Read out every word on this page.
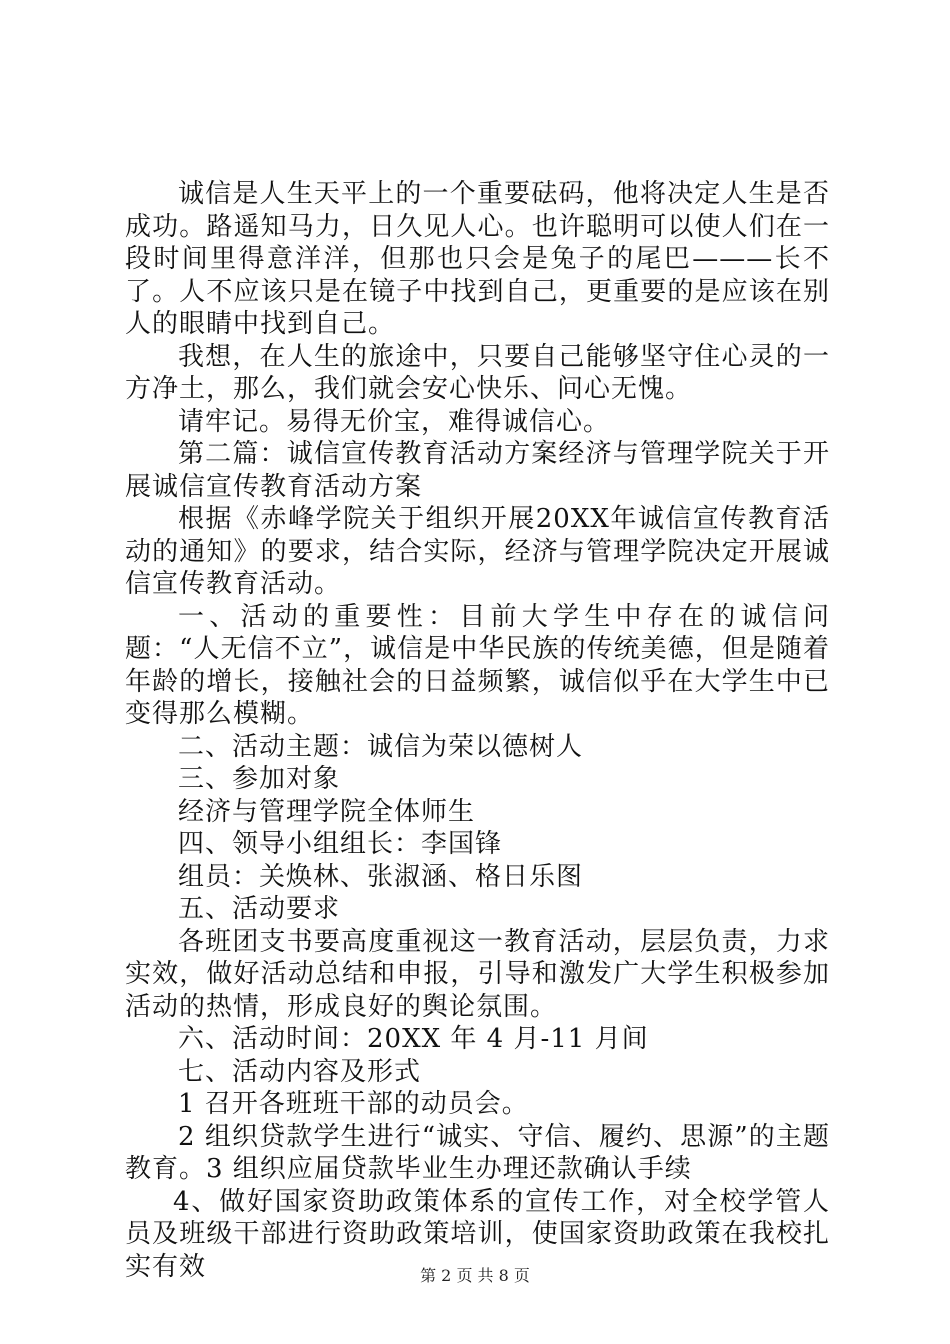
诚信是人生天平上的一个重要砝码，他将决定人生是否成功。路遥知马力，日久见人心。也许聪明可以使人们在一段时间里得意洋洋，但那也只会是兔子的尾巴———长不了。人不应该只是在镜子中找到自己，更重要的是应该在别人的眼睛中找到自己。

我想，在人生的旅途中，只要自己能够坚守住心灵的一方净土，那么，我们就会安心快乐、问心无愧。

请牢记。易得无价宝，难得诚信心。

第二篇：诚信宣传教育活动方案经济与管理学院关于开展诚信宣传教育活动方案

根据《赤峰学院关于组织开展20XX年诚信宣传教育活动的通知》的要求，结合实际，经济与管理学院决定开展诚信宣传教育活动。

一、活动的重要性：目前大学生中存在的诚信问题：“人无信不立”，诚信是中华民族的传统美德，但是随着年龄的增长，接触社会的日益频繁，诚信似乎在大学生中已变得那么模糊。

二、活动主题：诚信为荣以德树人

三、参加对象

经济与管理学院全体师生

四、领导小组组长：李国锋

组员：关焕林、张淑涵、格日乐图

五、活动要求

各班团支书要高度重视这一教育活动，层层负责，力求实效，做好活动总结和申报，引导和激发广大学生积极参加活动的热情，形成良好的舆论氛围。

六、活动时间：20XX 年 4 月-11 月间

七、活动内容及形式

1 召开各班班干部的动员会。

2 组织贷款学生进行“诚实、守信、履约、思源”的主题教育。3 组织应届贷款毕业生办理还款确认手续

4、做好国家资助政策体系的宣传工作，对全校学管人员及班级干部进行资助政策培训，使国家资助政策在我校扎实有效	第 2 页 共 8 页
